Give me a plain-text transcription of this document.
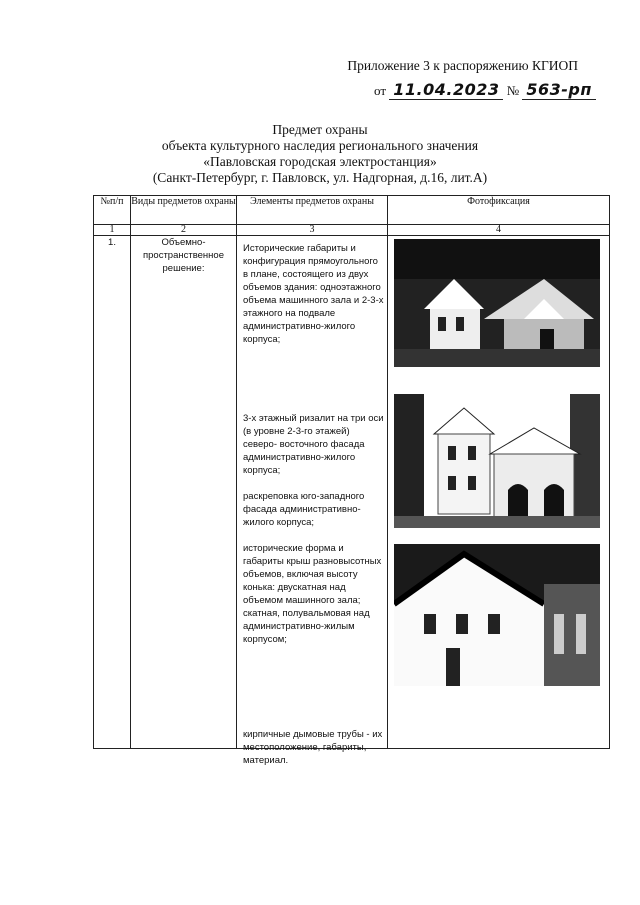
Приложение 3 к распоряжению КГИОП
от 11.04.2023 № 563-рп
Предмет охраны
объекта культурного наследия регионального значения
«Павловская городская электростанция»
(Санкт-Петербург, г. Павловск, ул. Надгорная, д.16, лит.А)
№п/п	Виды предметов охраны	Элементы предметов охраны	Фотофиксация
1	2	3	4
1.	Объемно-пространственное решение:	Исторические габариты и конфигурация прямоугольного в плане, состоящего из двух объемов здания: одноэтажного объема машинного зала и 2-3-х этажного на подвале административно-жилого корпуса;
3-х этажный ризалит на три оси (в уровне 2-3-го этажей) северо- восточного фасада административно-жилого корпуса;
раскреповка юго-западного фасада административно-жилого корпуса;
исторические форма и габариты крыш разновысотных объемов, включая высоту конька: двускатная над объемом машинного зала; скатная, полувальмовая над административно-жилым корпусом;
кирпичные дымовые трубы - их местоположение, габариты, материал.
